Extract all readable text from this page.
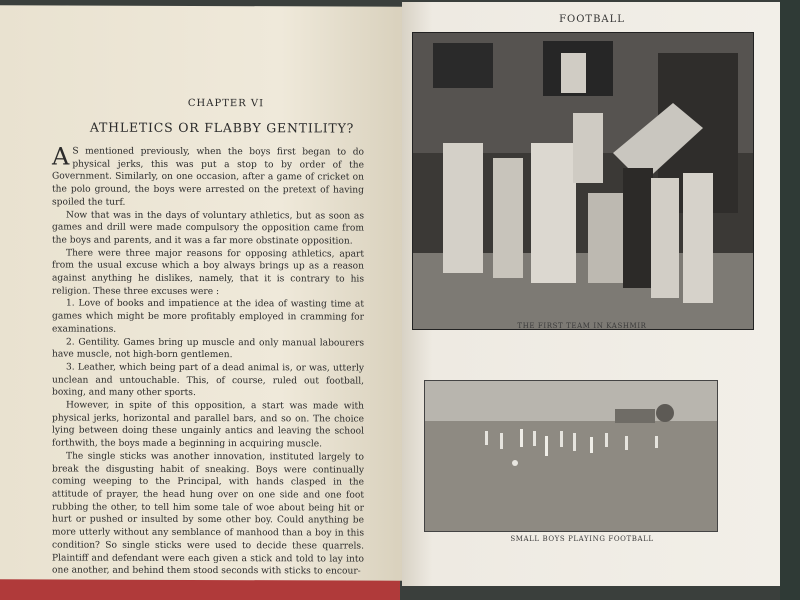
CHAPTER VI
ATHLETICS OR FLABBY GENTILITY?

A S mentioned previously, when the boys first began to do physical jerks, this was put a stop to by order of the Government. Similarly, on one occasion, after a game of cricket on the polo ground, the boys were arrested on the pretext of having spoiled the turf.

Now that was in the days of voluntary athletics, but as soon as games and drill were made compulsory the opposition came from the boys and parents, and it was a far more obstinate opposition.

There were three major reasons for opposing athletics, apart from the usual excuse which a boy always brings up as a reason against anything he dislikes, namely, that it is contrary to his religion. These three excuses were :

1. Love of books and impatience at the idea of wasting time at games which might be more profitably employed in cramming for examinations.

2. Gentility. Games bring up muscle and only manual labourers have muscle, not high-born gentlemen.

3. Leather, which being part of a dead animal is, or was, utterly unclean and untouchable. This, of course, ruled out football, boxing, and many other sports.

However, in spite of this opposition, a start was made with physical jerks, horizontal and parallel bars, and so on. The choice lying between doing these ungainly antics and leaving the school forthwith, the boys made a beginning in acquiring muscle.

The single sticks was another innovation, instituted largely to break the disgusting habit of sneaking. Boys were continually coming weeping to the Principal, with hands clasped in the attitude of prayer, the head hung over on one side and one foot rubbing the other, to tell him some tale of woe about being hit or hurt or pushed or insulted by some other boy. Could anything be more utterly without any semblance of manhood than a boy in this condition? So single sticks were used to decide these quarrels. Plaintiff and defendant were each given a stick and told to lay into one another, and behind them stood seconds with sticks to encour-

FOOTBALL
THE FIRST TEAM IN KASHMIR
SMALL BOYS PLAYING FOOTBALL
